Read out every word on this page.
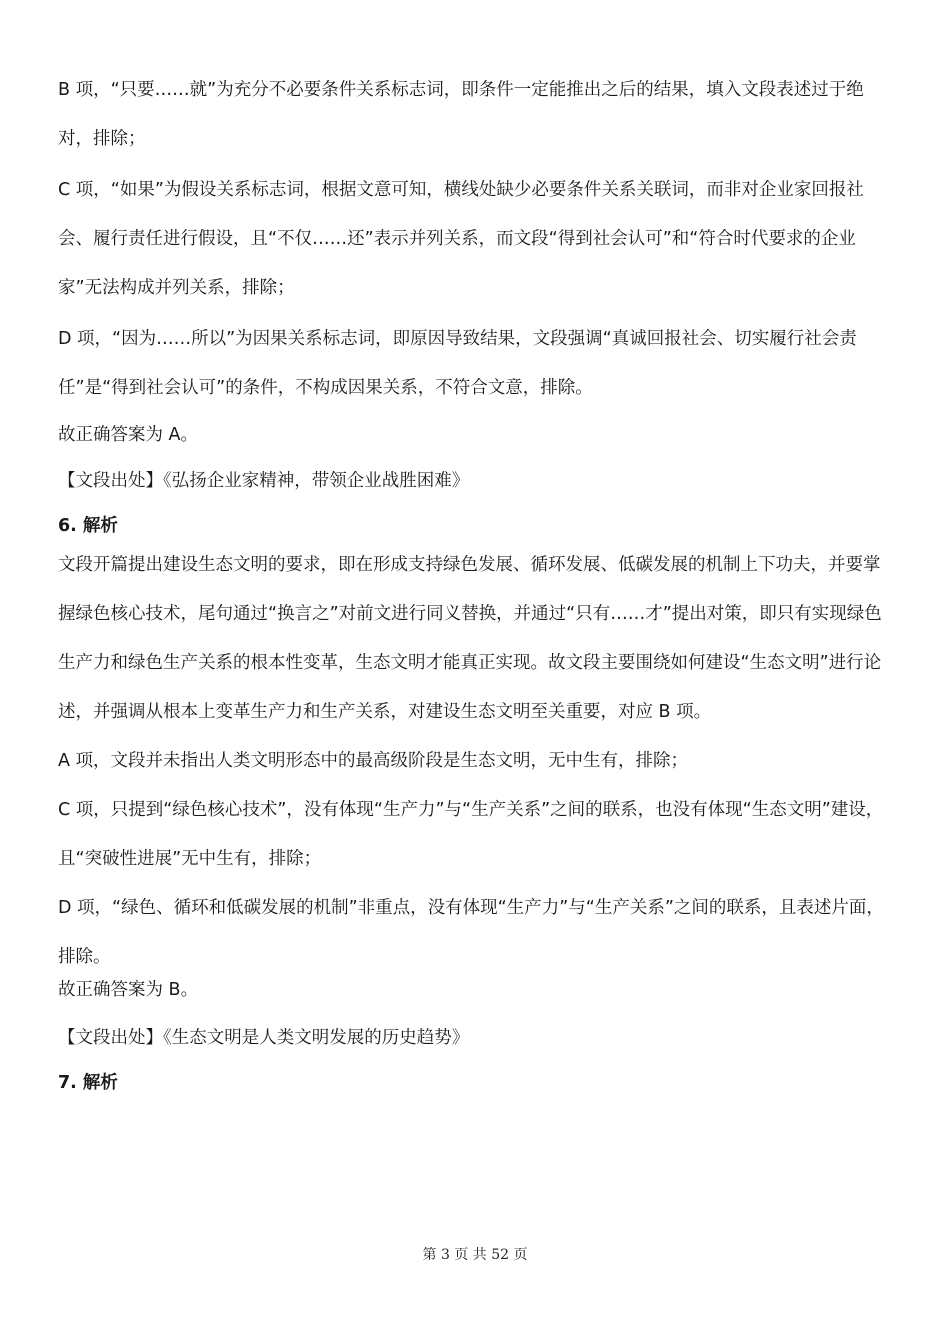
B 项，“只要……就”为充分不必要条件关系标志词，即条件一定能推出之后的结果，填入文段表述过于绝对，排除；

C 项，“如果”为假设关系标志词，根据文意可知，横线处缺少必要条件关系关联词，而非对企业家回报社会、履行责任进行假设，且“不仅……还”表示并列关系，而文段“得到社会认可”和“符合时代要求的企业家”无法构成并列关系，排除；

D 项，“因为……所以”为因果关系标志词，即原因导致结果，文段强调“真诚回报社会、切实履行社会责任”是“得到社会认可”的条件，不构成因果关系，不符合文意，排除。

故正确答案为 A。

【文段出处】《弘扬企业家精神，带领企业战胜困难》

6. 解析

文段开篇提出建设生态文明的要求，即在形成支持绿色发展、循环发展、低碳发展的机制上下功夫，并要掌握绿色核心技术，尾句通过“换言之”对前文进行同义替换，并通过“只有……才”提出对策，即只有实现绿色生产力和绿色生产关系的根本性变革，生态文明才能真正实现。故文段主要围绕如何建设“生态文明”进行论述，并强调从根本上变革生产力和生产关系，对建设生态文明至关重要，对应 B 项。

A 项，文段并未指出人类文明形态中的最高级阶段是生态文明，无中生有，排除；

C 项，只提到“绿色核心技术”，没有体现“生产力”与“生产关系”之间的联系，也没有体现“生态文明”建设，且“突破性进展”无中生有，排除；

D 项，“绿色、循环和低碳发展的机制”非重点，没有体现“生产力”与“生产关系”之间的联系，且表述片面，排除。

故正确答案为 B。

【文段出处】《生态文明是人类文明发展的历史趋势》

7. 解析

第 3 页 共 52 页
